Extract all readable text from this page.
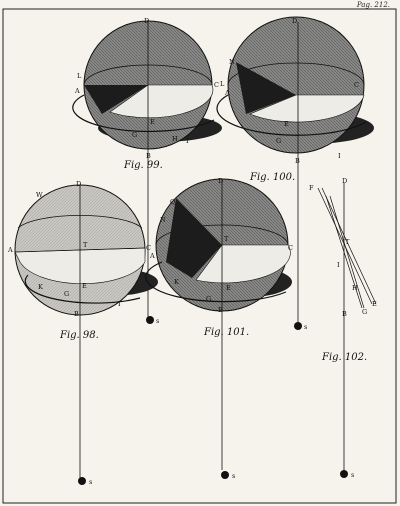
Pag. 212.
D
L
A
C
E
G	H I
B
s
D
N
L	C
A
E
G
I
B
s
D
W
A
T	C
E
K
G
I
B
s
D
Q
N
T
C
A
K
E
G
B
s
F
D
T
I
H
E
G
B
s
Fig. 99.
Fig. 100.
Fig. 98.	Fig. 101.
Fig. 102.
